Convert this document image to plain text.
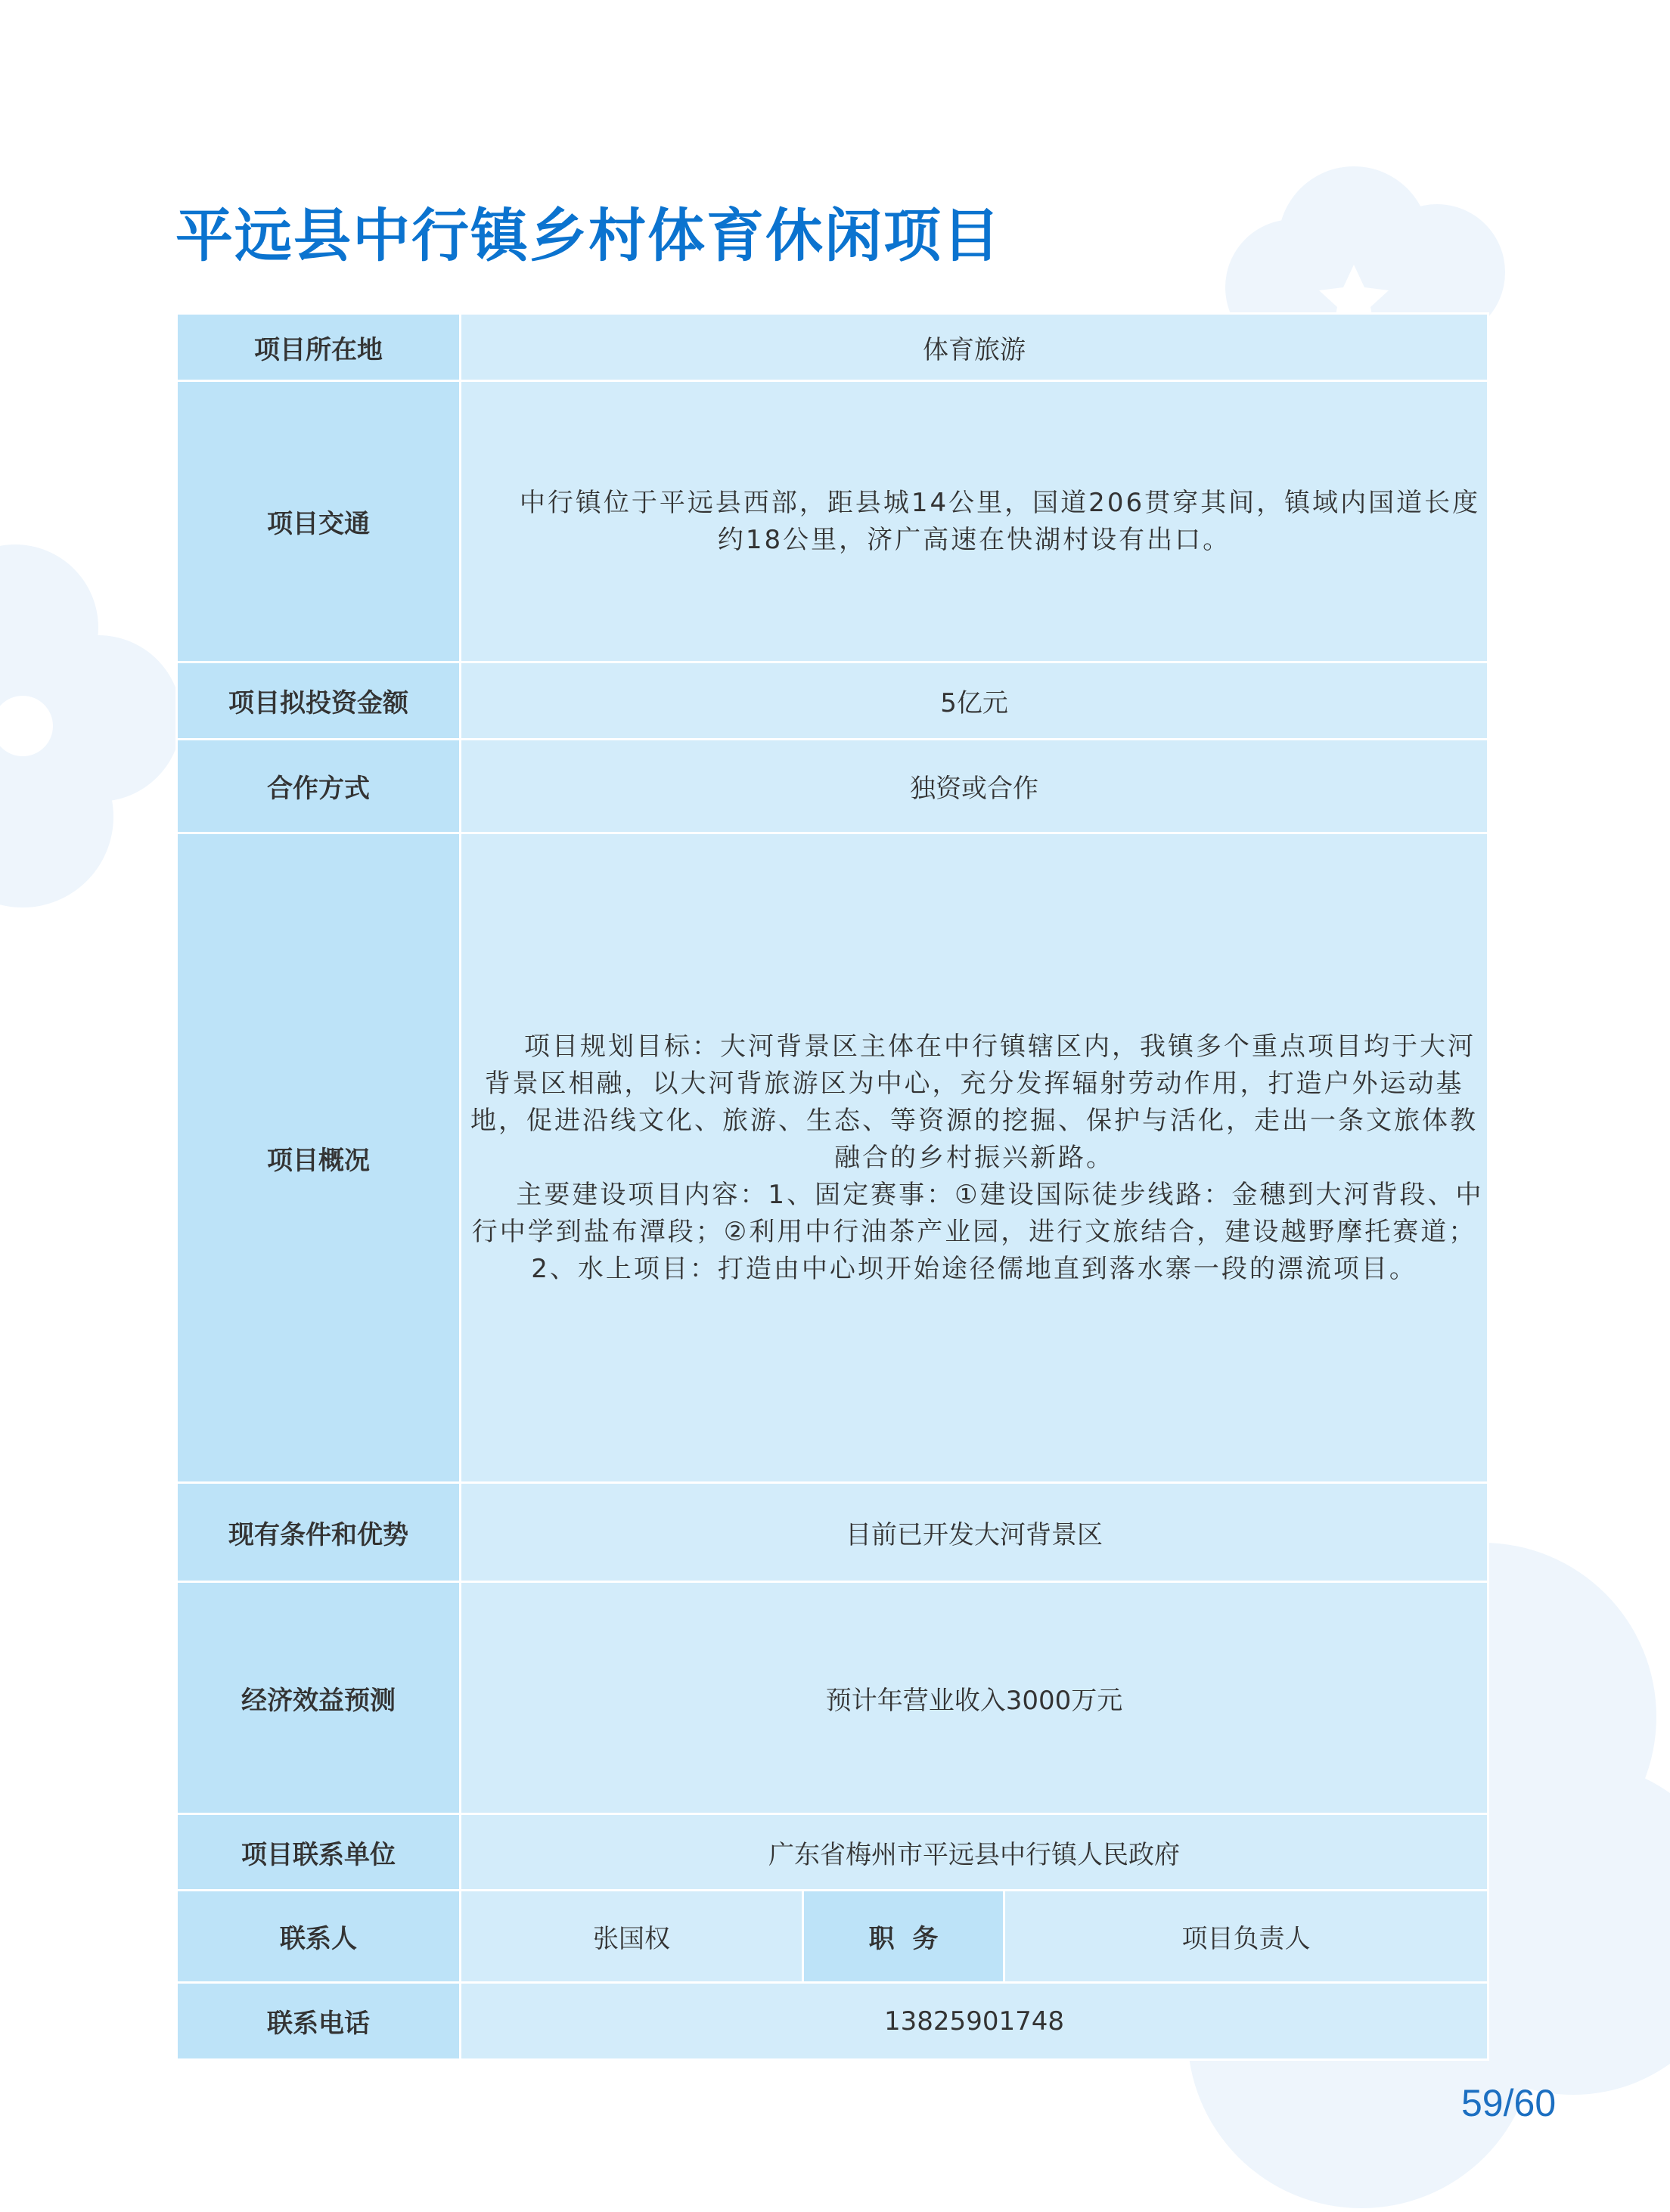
平远县中行镇乡村体育休闲项目
项目所在地	体育旅游		
项目交通	中行镇位于平远县西部，距县城14公里，国道206贯穿其间，镇域内国道长度约18公里，济广高速在快湖村设有出口。		

项目拟投资金额	5亿元		
合作方式	独资或合作		
项目概况	项目规划目标：大河背景区主体在中行镇辖区内，我镇多个重点项目均于大河背景区相融，以大河背旅游区为中心，充分发挥辐射劳动作用，打造户外运动基地，促进沿线文化、旅游、生态、等资源的挖掘、保护与活化，走出一条文旅体教融合的乡村振兴新路。

主要建设项目内容：1、固定赛事：①建设国际徒步线路：金穗到大河背段、中行中学到盐布潭段；②利用中行油茶产业园，进行文旅结合，建设越野摩托赛道；2、水上项目：打造由中心坝开始途径儒地直到落水寨一段的漂流项目。		

现有条件和优势	目前已开发大河背景区		
经济效益预测	预计年营业收入3000万元		
项目联系单位	广东省梅州市平远县中行镇人民政府		
联系人	张国权	职  务	项目负责人
联系电话	13825901748		
59/60
